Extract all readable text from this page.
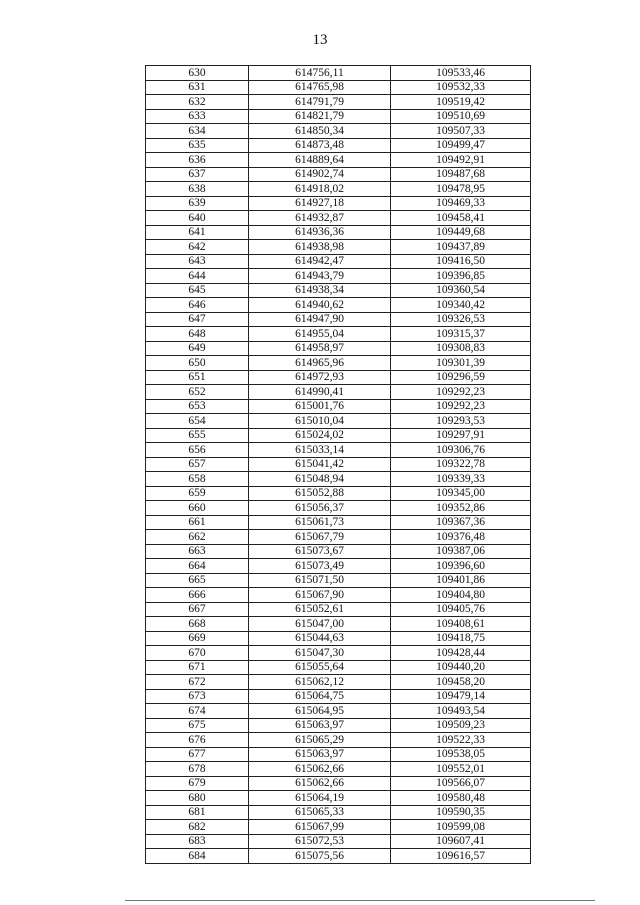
13
630	614756,11	109533,46
631	614765,98	109532,33
632	614791,79	109519,42
633	614821,79	109510,69
634	614850,34	109507,33
635	614873,48	109499,47
636	614889,64	109492,91
637	614902,74	109487,68
638	614918,02	109478,95
639	614927,18	109469,33
640	614932,87	109458,41
641	614936,36	109449,68
642	614938,98	109437,89
643	614942,47	109416,50
644	614943,79	109396,85
645	614938,34	109360,54
646	614940,62	109340,42
647	614947,90	109326,53
648	614955,04	109315,37
649	614958,97	109308,83
650	614965,96	109301,39
651	614972,93	109296,59
652	614990,41	109292,23
653	615001,76	109292,23
654	615010,04	109293,53
655	615024,02	109297,91
656	615033,14	109306,76
657	615041,42	109322,78
658	615048,94	109339,33
659	615052,88	109345,00
660	615056,37	109352,86
661	615061,73	109367,36
662	615067,79	109376,48
663	615073,67	109387,06
664	615073,49	109396,60
665	615071,50	109401,86
666	615067,90	109404,80
667	615052,61	109405,76
668	615047,00	109408,61
669	615044,63	109418,75
670	615047,30	109428,44
671	615055,64	109440,20
672	615062,12	109458,20
673	615064,75	109479,14
674	615064,95	109493,54
675	615063,97	109509,23
676	615065,29	109522,33
677	615063,97	109538,05
678	615062,66	109552,01
679	615062,66	109566,07
680	615064,19	109580,48
681	615065,33	109590,35
682	615067,99	109599,08
683	615072,53	109607,41
684	615075,56	109616,57
